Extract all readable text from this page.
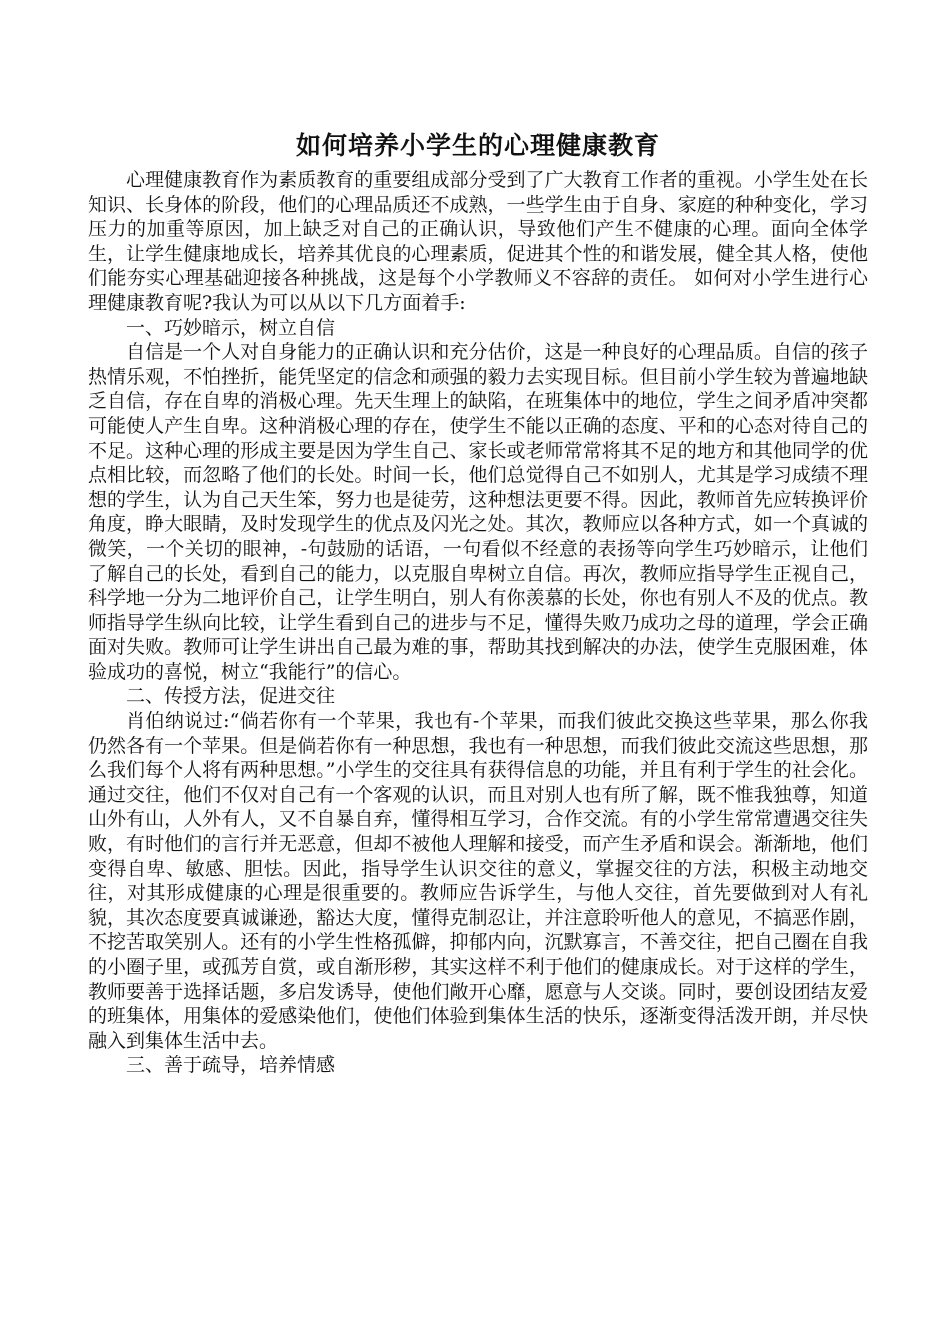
如何培养小学生的心理健康教育

心理健康教育作为素质教育的重要组成部分受到了广大教育工作者的重视。小学生处在长知识、长身体的阶段，他们的心理品质还不成熟，一些学生由于自身、家庭的种种变化，学习压力的加重等原因，加上缺乏对自己的正确认识，导致他们产生不健康的心理。面向全体学生，让学生健康地成长，培养其优良的心理素质，促进其个性的和谐发展，健全其人格，使他们能夯实心理基础迎接各种挑战，这是每个小学教师义不容辞的责任。 如何对小学生进行心理健康教育呢?我认为可以从以下几方面着手:

一、巧妙暗示，树立自信

自信是一个人对自身能力的正确认识和充分估价，这是一种良好的心理品质。自信的孩子热情乐观，不怕挫折，能凭坚定的信念和顽强的毅力去实现目标。但目前小学生较为普遍地缺乏自信，存在自卑的消极心理。先天生理上的缺陷，在班集体中的地位，学生之间矛盾冲突都可能使人产生自卑。这种消极心理的存在，使学生不能以正确的态度、平和的心态对待自己的不足。这种心理的形成主要是因为学生自己、家长或老师常常将其不足的地方和其他同学的优点相比较，而忽略了他们的长处。时间一长，他们总觉得自己不如别人，尤其是学习成绩不理想的学生，认为自己天生笨，努力也是徒劳，这种想法更要不得。因此，教师首先应转换评价角度，睁大眼睛，及时发现学生的优点及闪光之处。其次，教师应以各种方式，如一个真诚的微笑，一个关切的眼神，-句鼓励的话语，一句看似不经意的表扬等向学生巧妙暗示，让他们了解自己的长处，看到自己的能力，以克服自卑树立自信。再次，教师应指导学生正视自己，科学地一分为二地评价自己，让学生明白，别人有你羡慕的长处，你也有别人不及的优点。教师指导学生纵向比较，让学生看到自己的进步与不足，懂得失败乃成功之母的道理，学会正确面对失败。教师可让学生讲出自己最为难的事，帮助其找到解决的办法，使学生克服困难，体验成功的喜悦，树立“我能行”的信心。

二、传授方法，促进交往

肖伯纳说过:“倘若你有一个苹果，我也有-个苹果，而我们彼此交换这些苹果，那么你我仍然各有一个苹果。但是倘若你有一种思想，我也有一种思想，而我们彼此交流这些思想，那么我们每个人将有两种思想。”小学生的交往具有获得信息的功能，并且有利于学生的社会化。通过交往，他们不仅对自己有一个客观的认识，而且对别人也有所了解，既不惟我独尊，知道山外有山，人外有人，又不自暴自弃，懂得相互学习，合作交流。有的小学生常常遭遇交往失败，有时他们的言行并无恶意，但却不被他人理解和接受，而产生矛盾和误会。渐渐地，他们变得自卑、敏感、胆怯。因此，指导学生认识交往的意义，掌握交往的方法，积极主动地交往，对其形成健康的心理是很重要的。教师应告诉学生，与他人交往，首先要做到对人有礼貌，其次态度要真诚谦逊，豁达大度，懂得克制忍让，并注意聆听他人的意见，不搞恶作剧，不挖苦取笑别人。还有的小学生性格孤僻，抑郁内向，沉默寡言，不善交往，把自己圈在自我的小圈子里，或孤芳自赏，或自渐形秽，其实这样不利于他们的健康成长。对于这样的学生，教师要善于选择话题，多启发诱导，使他们敞开心靡，愿意与人交谈。同时，要创设团结友爱的班集体，用集体的爱感染他们，使他们体验到集体生活的快乐，逐渐变得活泼开朗，并尽快融入到集体生活中去。

三、善于疏导，培养情感
